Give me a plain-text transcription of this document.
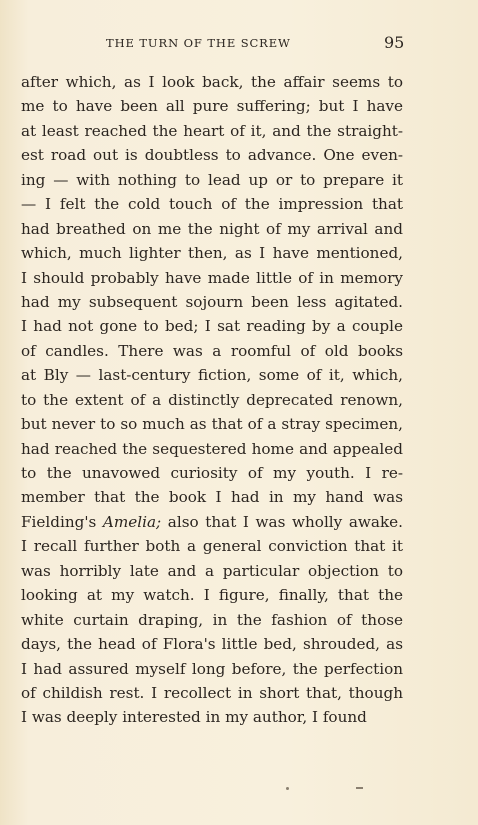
THE TURN OF THE SCREW	95
after which, as I look back, the affair seems to
me to have been all pure suffering; but I have
at least reached the heart of it, and the straight-
est road out is doubtless to advance. One even-
ing — with nothing to lead up or to prepare it
— I felt the cold touch of the impression that
had breathed on me the night of my arrival and
which, much lighter then, as I have mentioned,
I should probably have made little of in memory
had my subsequent sojourn been less agitated.
I had not gone to bed; I sat reading by a couple
of candles. There was a roomful of old books
at Bly — last-century fiction, some of it, which,
to the extent of a distinctly deprecated renown,
but never to so much as that of a stray specimen,
had reached the sequestered home and appealed
to the unavowed curiosity of my youth. I re-
member that the book I had in my hand was
Fielding's Amelia; also that I was wholly awake.
I recall further both a general conviction that it
was horribly late and a particular objection to
looking at my watch. I figure, finally, that the
white curtain draping, in the fashion of those
days, the head of Flora's little bed, shrouded, as
I had assured myself long before, the perfection
of childish rest. I recollect in short that, though
I was deeply interested in my author, I found
